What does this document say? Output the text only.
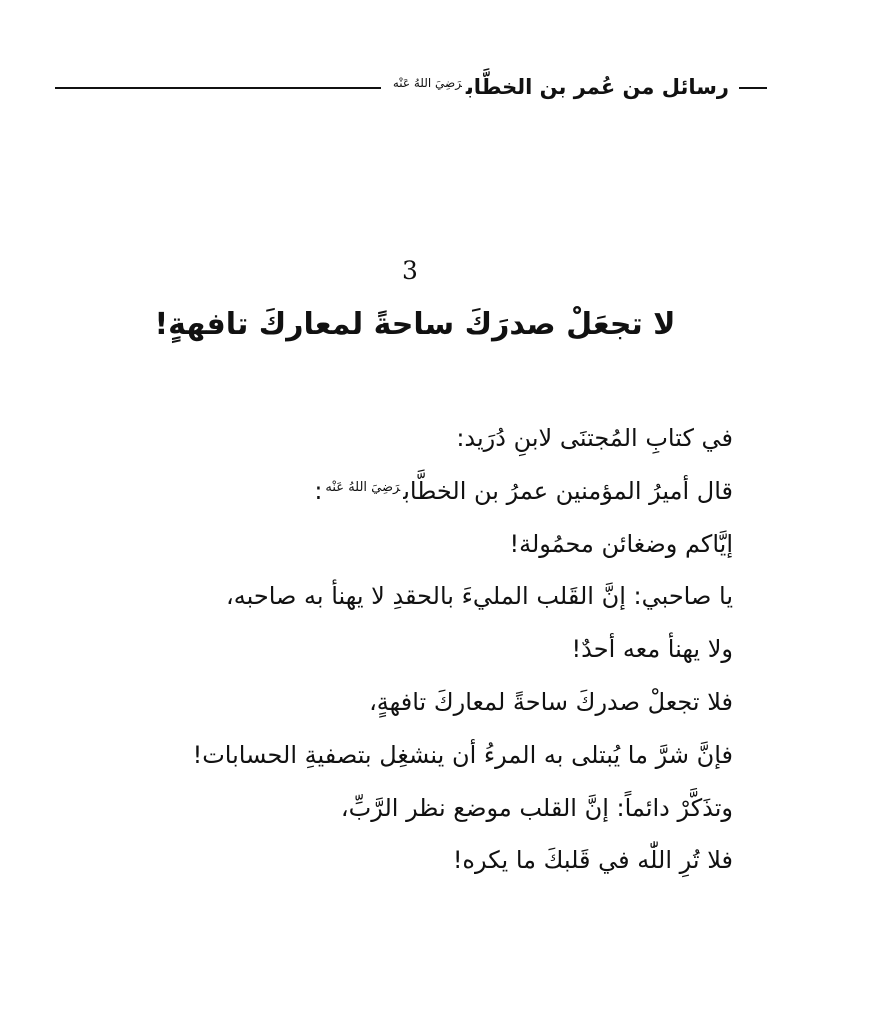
رسائل من عُمر بن الخطَّاب$^{رَضِيَ اللهُ عَنْه}$
3
لا تجعَلْ صدرَكَ ساحةً لمعاركَ تافهةٍ!
في كتابِ المُجتنَى لابنِ دُرَيد:
قال أميرُ المؤمنين عمرُ بن الخطَّاب$^{رَضِيَ اللهُ عَنْه}$:
إيَّاكم وضغائن محمُولة!
يا صاحبي: إنَّ القَلب المليءَ بالحقدِ لا يهنأ به صاحبه،
ولا يهنأ معه أحدٌ!
فلا تجعلْ صدركَ ساحةً لمعاركَ تافهةٍ،
فإنَّ شرَّ ما يُبتلى به المرءُ أن ينشغِل بتصفيةِ الحسابات!
وتذَكَّرْ دائماً: إنَّ القلب موضع نظر الرَّبِّ،
فلا تُرِ اللّٰه في قَلبكَ ما يكره!
